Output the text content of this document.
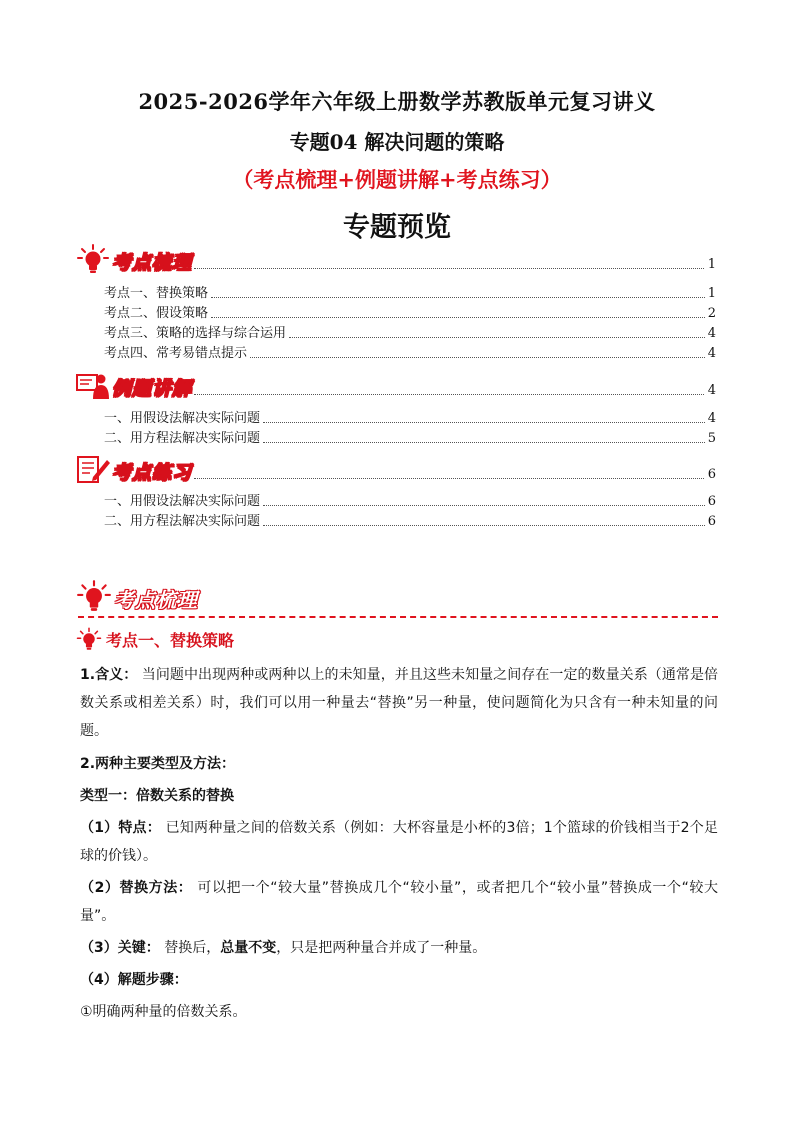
2025-2026学年六年级上册数学苏教版单元复习讲义
专题04 解决问题的策略
（考点梳理+例题讲解+考点练习）
专题预览
考点梳理	1
考点一、替换策略	1
考点二、假设策略	2
考点三、策略的选择与综合运用	4
考点四、常考易错点提示	4
例题讲解	4
一、用假设法解决实际问题	4
二、用方程法解决实际问题	5
考点练习	6
一、用假设法解决实际问题	6
二、用方程法解决实际问题	6
考点梳理
考点一、替换策略

1.含义： 当问题中出现两种或两种以上的未知量，并且这些未知量之间存在一定的数量关系（通常是倍数关系或相差关系）时，我们可以用一种量去“替换”另一种量，使问题简化为只含有一种未知量的问题。

2.两种主要类型及方法：

类型一：倍数关系的替换

（1）特点： 已知两种量之间的倍数关系（例如：大杯容量是小杯的3倍；1个篮球的价钱相当于2个足球的价钱）。

（2）替换方法： 可以把一个“较大量”替换成几个“较小量”，或者把几个“较小量”替换成一个“较大量”。

（3）关键： 替换后，总量不变，只是把两种量合并成了一种量。

（4）解题步骤：

①明确两种量的倍数关系。
